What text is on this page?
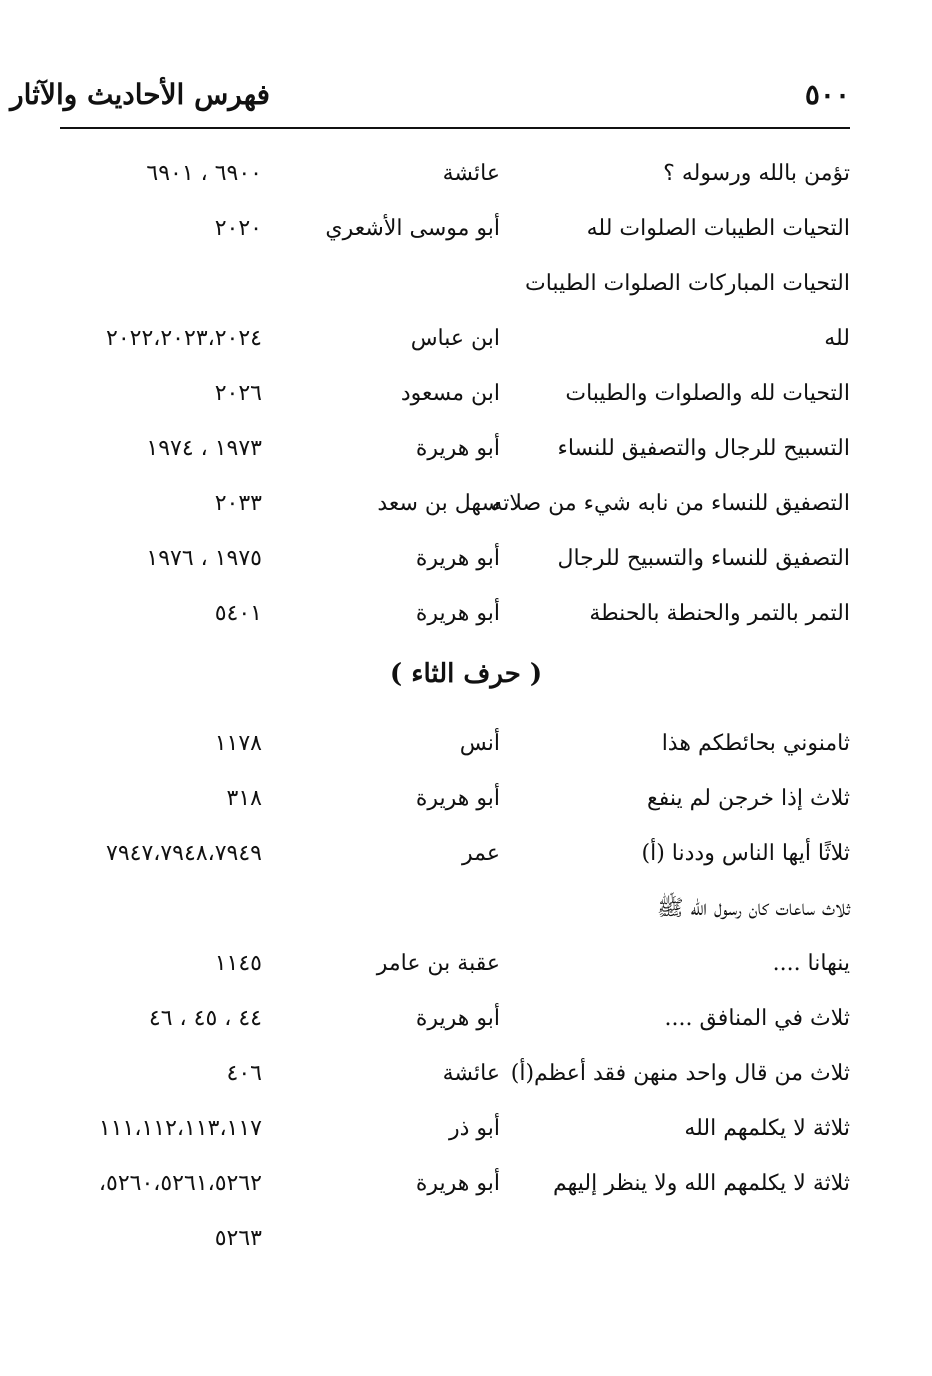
٥٠٠
فهرس الأحاديث والآثار
تؤمن بالله ورسوله ؟
عائشة
٦٩٠٠ ، ٦٩٠١
التحيات الطيبات الصلوات لله
أبو موسى الأشعري
٢٠٢٠
التحيات المباركات الصلوات الطيبات
لله
ابن عباس
٢٠٢٢،٢٠٢٣،٢٠٢٤
التحيات لله والصلوات والطيبات
ابن مسعود
٢٠٢٦
التسبيح للرجال والتصفيق للنساء
أبو هريرة
١٩٧٣ ، ١٩٧٤
التصفيق للنساء من نابه شيء من صلاته
سهل بن سعد
٢٠٣٣
التصفيق للنساء والتسبيح للرجال
أبو هريرة
١٩٧٥ ، ١٩٧٦
التمر بالتمر والحنطة بالحنطة
أبو هريرة
٥٤٠١
( حرف الثاء )
ثامنوني بحائطكم هذا
أنس
١١٧٨
ثلاث إذا خرجن لم ينفع
أبو هريرة
٣١٨
ثلاثًا أيها الناس وددنا (أ)
عمر
٧٩٤٧،٧٩٤٨،٧٩٤٩
ثلاث ساعات كان رسول الله ﷺ
ينهانا ....
عقبة بن عامر
١١٤٥
ثلاث في المنافق ....
أبو هريرة
٤٤ ، ٤٥ ، ٤٦
ثلاث من قال واحد منهن فقد أعظم(أ)
عائشة
٤٠٦
ثلاثة لا يكلمهم الله
أبو ذر
١١١،١١٢،١١٣،١١٧
ثلاثة لا يكلمهم الله ولا ينظر إليهم
أبو هريرة
٥٢٦٠،٥٢٦١،٥٢٦٢،
٥٢٦٣
